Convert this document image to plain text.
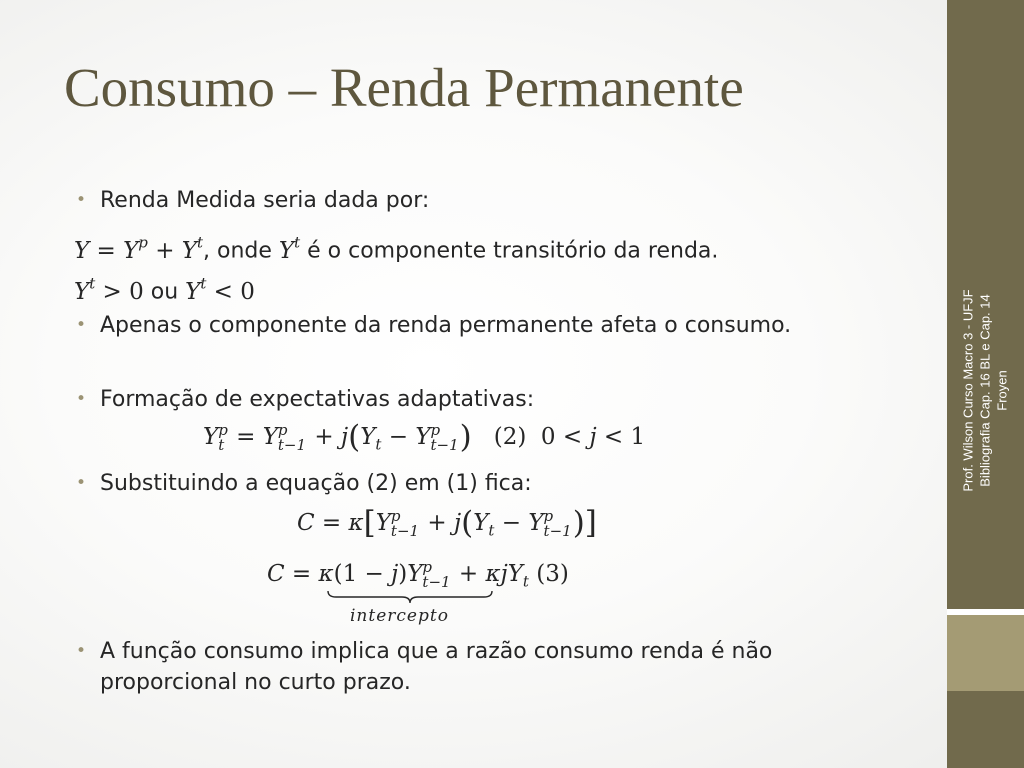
Prof. Wilson Curso Macro 3 - UFJF Bibliografia Cap. 16 BL e Cap. 14 Froyen
Consumo – Renda Permanente
• Renda Medida seria dada por:
$Y = Y^p + Y^t$, onde $Y^t$ é o componente transitório da renda.
$Y^t > 0$ ou $Y^t < 0$
• Apenas o componente da renda permanente afeta o consumo.
• Formação de expectativas adaptativas:
Y p
t = Y p
$t-1 + j(Y_t - Y$ p
t−1 ) (2)  0 < j < 1
• Substituindo a equação (2) em (1) fica:
C = κ[Y p
$t-1 + j(Y_t - Y$ p
t−1 )]
C = κ(1 − j)Y p
t−1 + κjY$_t$ (3)
intercepto
• A função consumo implica que a razão consumo renda é não proporcional no curto prazo.
